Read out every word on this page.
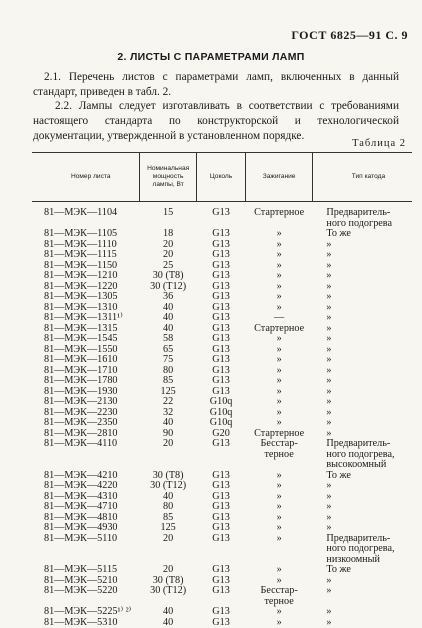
ГОСТ 6825—91 С. 9
2. ЛИСТЫ С ПАРАМЕТРАМИ ЛАМП
2.1. Перечень листов с параметрами ламп, включенных в данный стандарт, приведен в табл. 2.
2.2. Лампы следует изготавливать в соответствии с требованиями настоящего стандарта по конструкторской и технологической документации, утвержденной в установленном порядке.
Таблица 2
Номер листа	Номинальная мощность лампы, Вт	Цоколь	Зажигание	Тип катода
81—МЭК—1104	15	G13	Стартерное	Предваритель-
				ного подогрева
81—МЭК—1105	18	G13	»	То же
81—МЭК—1110	20	G13	»	»
81—МЭК—1115	20	G13	»	»
81—МЭК—1150	25	G13	»	»
81—МЭК—1210	30 (T8)	G13	»	»
81—МЭК—1220	30 (T12)	G13	»	»
81—МЭК—1305	36	G13	»	»
81—МЭК—1310	40	G13	»	»
81—МЭК—1311¹⁾	40	G13	—	»
81—МЭК—1315	40	G13	Стартерное	»
81—МЭК—1545	58	G13	»	»
81—МЭК—1550	65	G13	»	»
81—МЭК—1610	75	G13	»	»
81—МЭК—1710	80	G13	»	»
81—МЭК—1780	85	G13	»	»
81—МЭК—1930	125	G13	»	»
81—МЭК—2130	22	G10q	»	»
81—МЭК—2230	32	G10q	»	»
81—МЭК—2350	40	G10q	»	»
81—МЭК—2810	90	G20	Стартерное	»
81—МЭК—4110	20	G13	Бесстар-	Предваритель-
			терное	ного подогрева,
				высокоомный
81—МЭК—4210	30 (T8)	G13	»	То же
81—МЭК—4220	30 (T12)	G13	»	»
81—МЭК—4310	40	G13	»	»
81—МЭК—4710	80	G13	»	»
81—МЭК—4810	85	G13	»	»
81—МЭК—4930	125	G13	»	»
81—МЭК—5110	20	G13	»	Предваритель-
				ного подогрева,
				низкоомный
81—МЭК—5115	20	G13	»	То же
81—МЭК—5210	30 (T8)	G13	»	»
81—МЭК—5220	30 (T12)	G13	Бесстар-	»
			терное	
81—МЭК—5225¹⁾ ²⁾	40	G13	»	»
81—МЭК—5310	40	G13	»	»
